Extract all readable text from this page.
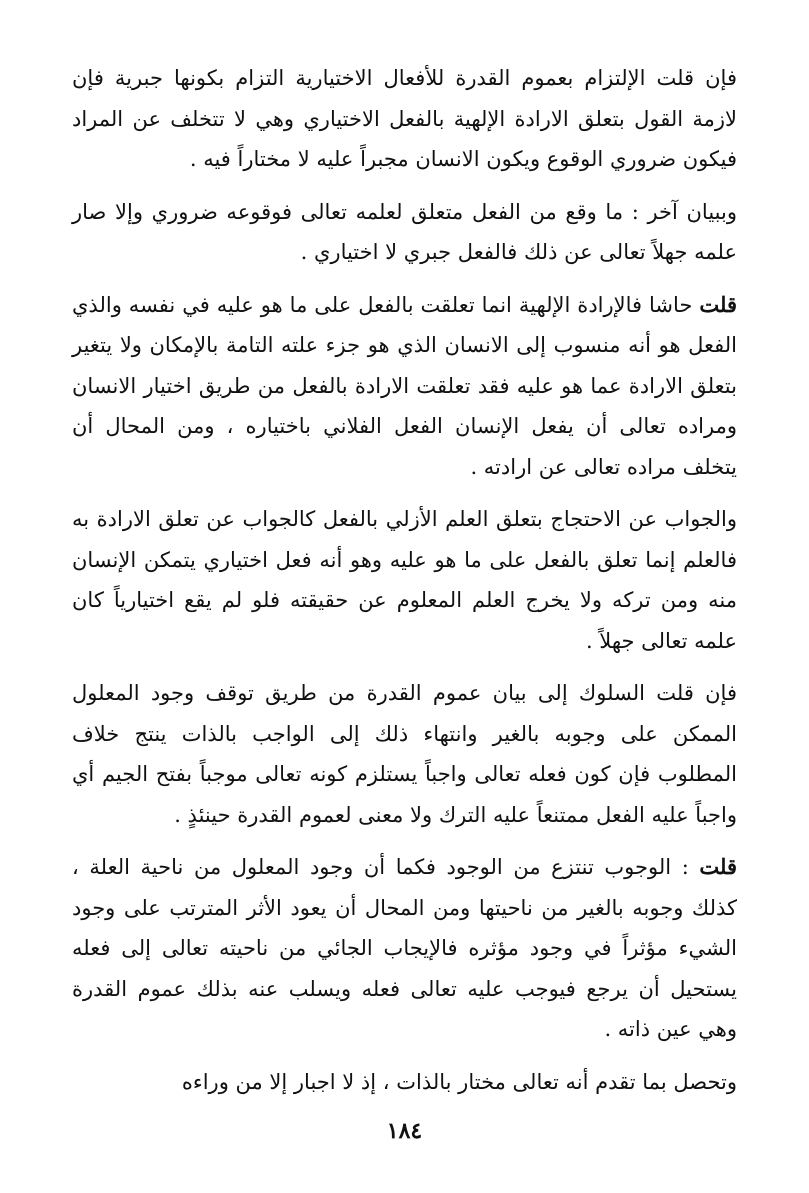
فإن قلت الإلتزام بعموم القدرة للأفعال الاختيارية التزام بكونها جبرية فإن لازمة القول بتعلق الارادة الإلهية بالفعل الاختياري وهي لا تتخلف عن المراد فيكون ضروري الوقوع ويكون الانسان مجبراً عليه لا مختاراً فيه .

وببيان آخر : ما وقع من الفعل متعلق لعلمه تعالى فوقوعه ضروري وإلا صار علمه جهلاً تعالى عن ذلك فالفعل جبري لا اختياري .

قلت حاشا فالإرادة الإلهية انما تعلقت بالفعل على ما هو عليه في نفسه والذي الفعل هو أنه منسوب إلى الانسان الذي هو جزء علته التامة بالإمكان ولا يتغير بتعلق الارادة عما هو عليه فقد تعلقت الارادة بالفعل من طريق اختيار الانسان ومراده تعالى أن يفعل الإنسان الفعل الفلاني باختياره ، ومن المحال أن يتخلف مراده تعالى عن ارادته .

والجواب عن الاحتجاج بتعلق العلم الأزلي بالفعل كالجواب عن تعلق الارادة به فالعلم إنما تعلق بالفعل على ما هو عليه وهو أنه فعل اختياري يتمكن الإنسان منه ومن تركه ولا يخرج العلم المعلوم عن حقيقته فلو لم يقع اختيارياً كان علمه تعالى جهلاً .

فإن قلت السلوك إلى بيان عموم القدرة من طريق توقف وجود المعلول الممكن على وجوبه بالغير وانتهاء ذلك إلى الواجب بالذات ينتج خلاف المطلوب فإن كون فعله تعالى واجباً يستلزم كونه تعالى موجباً بفتح الجيم أي واجباً عليه الفعل ممتنعاً عليه الترك ولا معنى لعموم القدرة حينئذٍ .

قلت : الوجوب تنتزع من الوجود فكما أن وجود المعلول من ناحية العلة ، كذلك وجوبه بالغير من ناحيتها ومن المحال أن يعود الأثر المترتب على وجود الشيء مؤثراً في وجود مؤثره فالإيجاب الجائي من ناحيته تعالى إلى فعله يستحيل أن يرجع فيوجب عليه تعالى فعله ويسلب عنه بذلك عموم القدرة وهي عين ذاته .

وتحصل بما تقدم أنه تعالى مختار بالذات ، إذ لا اجبار إلا من وراءه

١٨٤
